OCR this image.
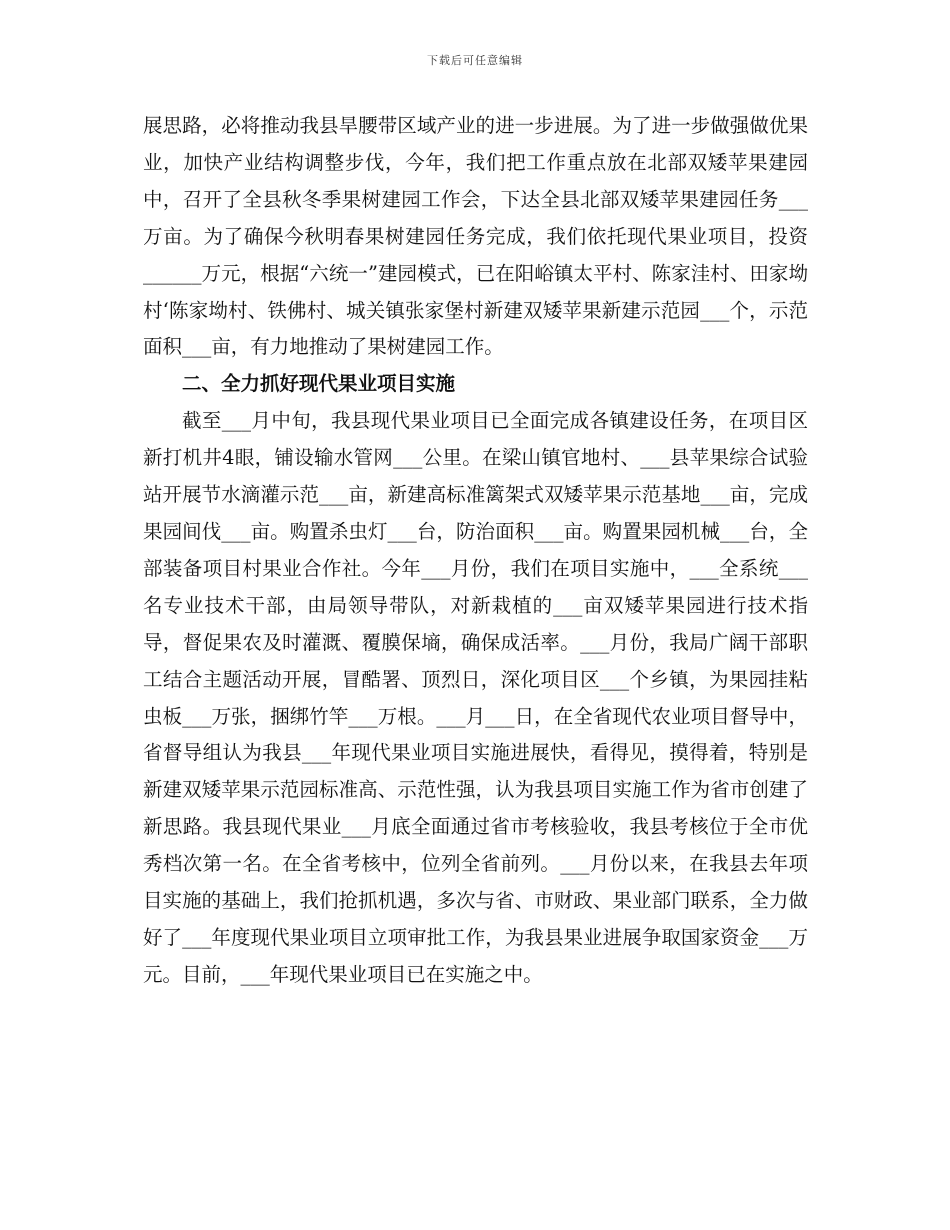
下载后可任意编辑

展思路，必将推动我县旱腰带区域产业的进一步进展。为了进一步做强做优果业，加快产业结构调整步伐，今年，我们把工作重点放在北部双矮苹果建园中，召开了全县秋冬季果树建园工作会，下达全县北部双矮苹果建园任务___万亩。为了确保今秋明春果树建园任务完成，我们依托现代果业项目，投资______万元，根据“六统一”建园模式，已在阳峪镇太平村、陈家洼村、田家坳村‘陈家坳村、铁佛村、城关镇张家堡村新建双矮苹果新建示范园___个，示范面积___亩，有力地推动了果树建园工作。

二、全力抓好现代果业项目实施

截至___月中旬，我县现代果业项目已全面完成各镇建设任务，在项目区新打机井4眼，铺设输水管网___公里。在梁山镇官地村、___县苹果综合试验站开展节水滴灌示范___亩，新建高标准篱架式双矮苹果示范基地___亩，完成果园间伐___亩。购置杀虫灯___台，防治面积___亩。购置果园机械___台，全部装备项目村果业合作社。今年___月份，我们在项目实施中，___全系统___名专业技术干部，由局领导带队，对新栽植的___亩双矮苹果园进行技术指导，督促果农及时灌溉、覆膜保墒，确保成活率。___月份，我局广阔干部职工结合主题活动开展，冒酷署、顶烈日，深化项目区___个乡镇，为果园挂粘虫板___万张，捆绑竹竿___万根。___月___日，在全省现代农业项目督导中，省督导组认为我县___年现代果业项目实施进展快，看得见，摸得着，特别是新建双矮苹果示范园标准高、示范性强，认为我县项目实施工作为省市创建了新思路。我县现代果业___月底全面通过省市考核验收，我县考核位于全市优秀档次第一名。在全省考核中，位列全省前列。___月份以来，在我县去年项目实施的基础上，我们抢抓机遇，多次与省、市财政、果业部门联系，全力做好了___年度现代果业项目立项审批工作，为我县果业进展争取国家资金___万元。目前，___年现代果业项目已在实施之中。
